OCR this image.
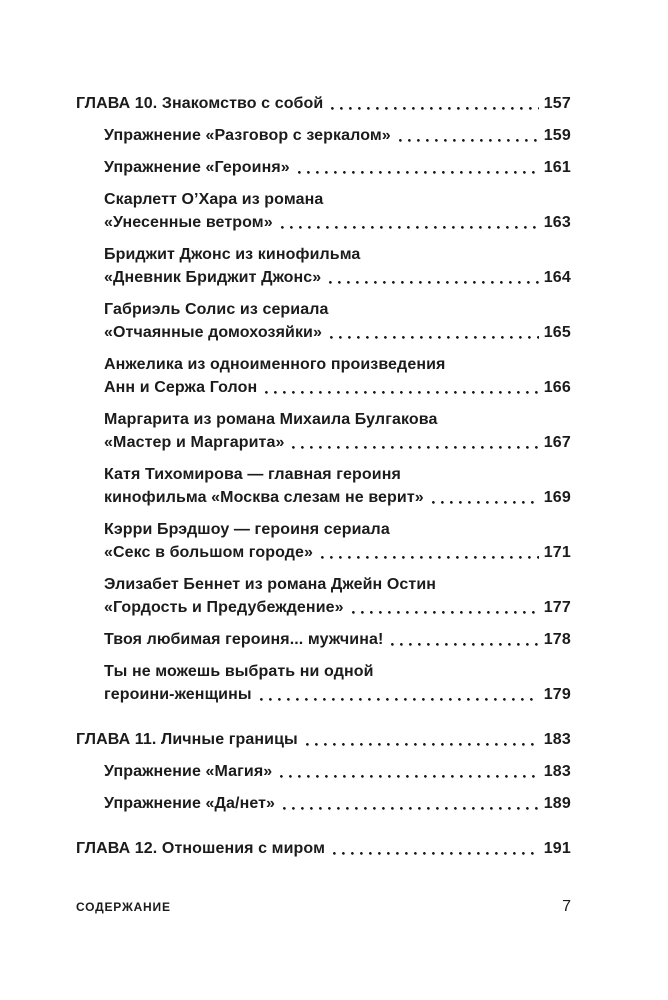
ГЛАВА 10. Знакомство с собой	157
Упражнение «Разговор с зеркалом»	159
Упражнение «Героиня»	161
Скарлетт О’Хара из романа
«Унесенные ветром»	163
Бриджит Джонс из кинофильма
«Дневник Бриджит Джонс»	164
Габриэль Солис из сериала
«Отчаянные домохозяйки»	165
Анжелика из одноименного произведения
Анн и Сержа Голон	166
Маргарита из романа Михаила Булгакова
«Мастер и Маргарита»	167
Катя Тихомирова — главная героиня
кинофильма «Москва слезам не верит»	169
Кэрри Брэдшоу — героиня сериала
«Секс в большом городе»	171
Элизабет Беннет из романа Джейн Остин
«Гордость и Предубеждение»	177
Твоя любимая героиня... мужчина!	178
Ты не можешь выбрать ни одной
героини-женщины	179
ГЛАВА 11. Личные границы	183
Упражнение «Магия»	183
Упражнение «Да/нет»	189
ГЛАВА 12. Отношения с миром	191
СОДЕРЖАНИЕ	7
